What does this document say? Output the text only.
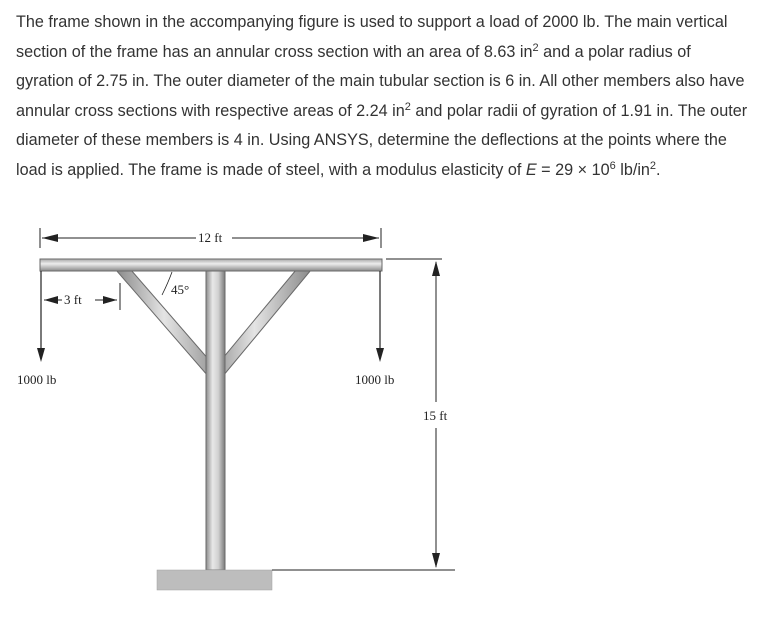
The frame shown in the accompanying figure is used to support a load of 2000 lb. The main vertical section of the frame has an annular cross section with an area of 8.63 $in^2$ and a polar radius of gyration of 2.75 in. The outer diameter of the main tubular section is 6 in. All other members also have annular cross sections with respective areas of 2.24 $in^2$ and polar radii of gyration of 1.91 in. The outer diameter of these members is 4 in. Using ANSYS, determine the deflections at the points where the load is applied. The frame is made of steel, with a modulus elasticity of $E = 29 \times 10^6$ $lb/in^2$.

12 ft
45°
3 ft
1000 lb	1000 lb
15 ft
